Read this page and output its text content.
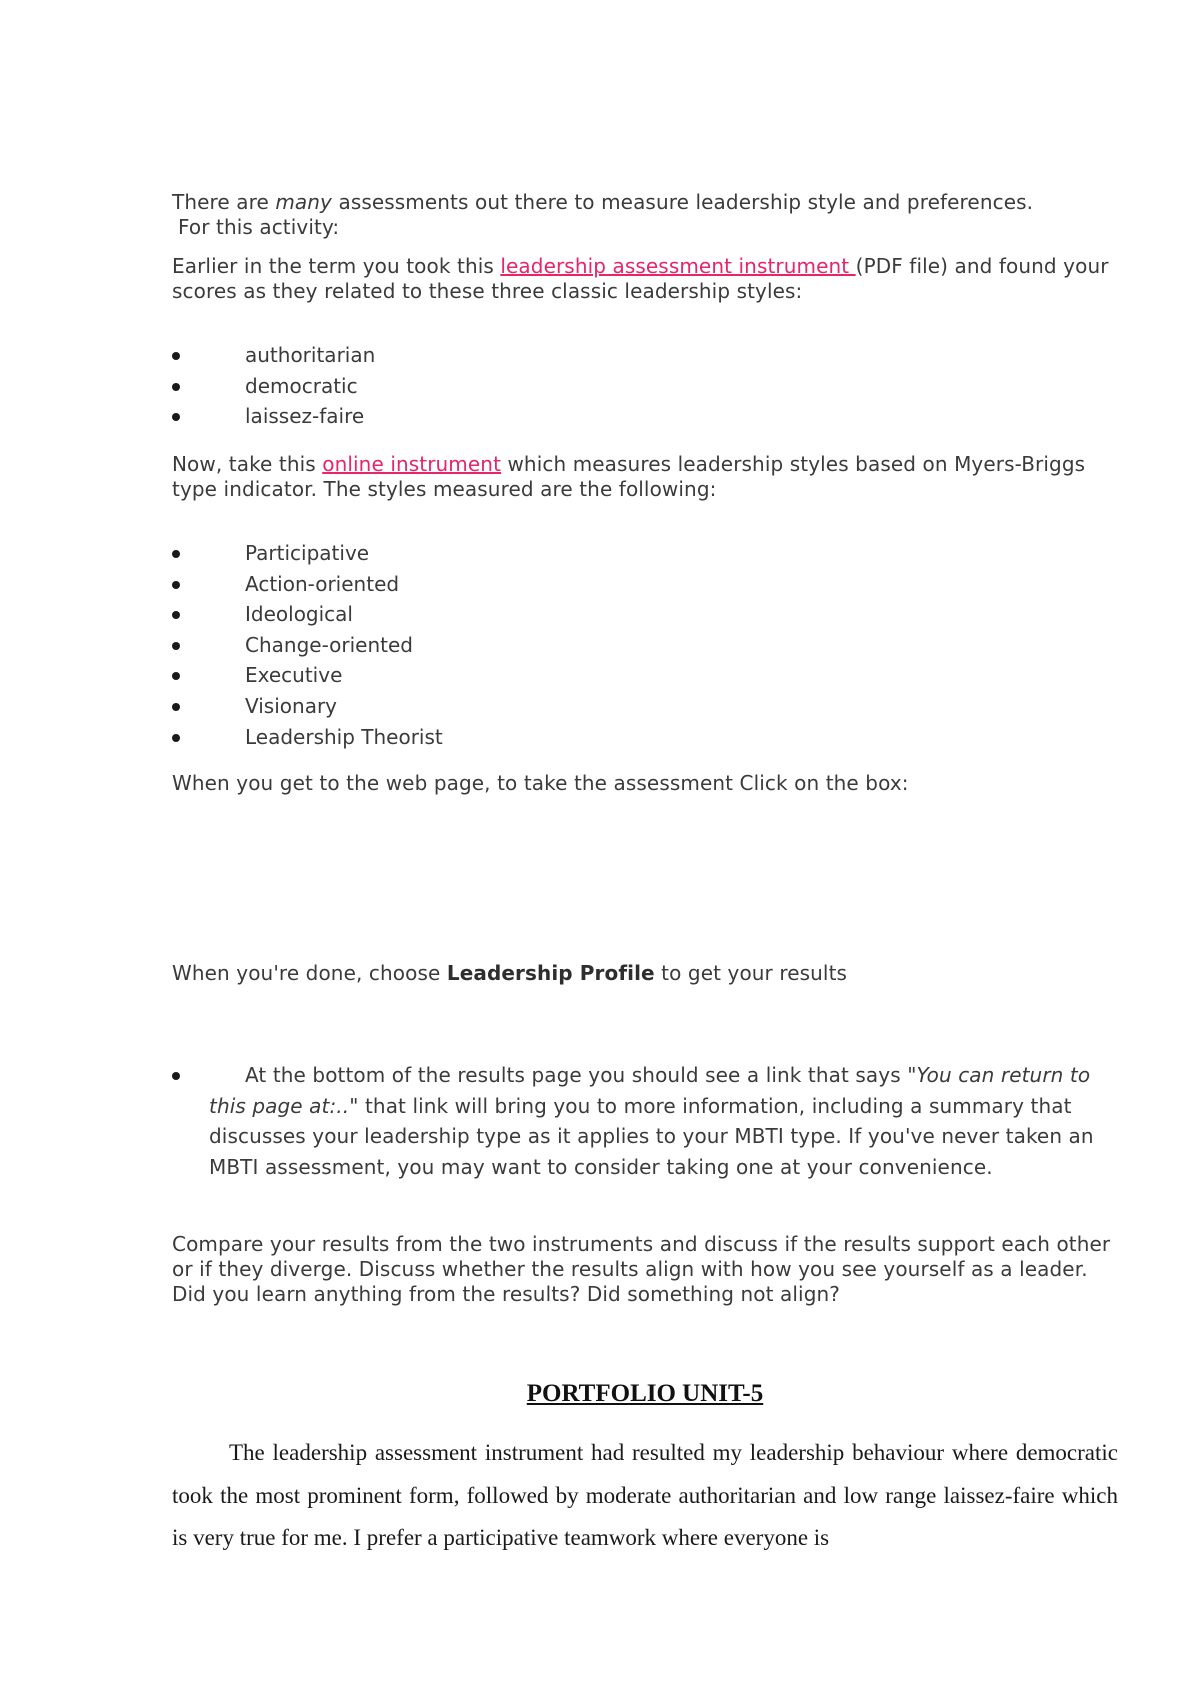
There are many assessments out there to measure leadership style and preferences.

For this activity:

Earlier in the term you took this leadership assessment instrument (PDF file) and found your scores as they related to these three classic leadership styles:

authoritarian
democratic
laissez-faire

Now, take this online instrument which measures leadership styles based on Myers-Briggs type indicator. The styles measured are the following:

Participative
Action-oriented
Ideological
Change-oriented
Executive
Visionary
Leadership Theorist

When you get to the web page, to take the assessment Click on the box:

When you're done, choose Leadership Profile to get your results

At the bottom of the results page you should see a link that says "You can return to this page at:.." that link will bring you to more information, including a summary that discusses your leadership type as it applies to your MBTI type. If you've never taken an MBTI assessment, you may want to consider taking one at your convenience.

Compare your results from the two instruments and discuss if the results support each other or if they diverge. Discuss whether the results align with how you see yourself as a leader. Did you learn anything from the results? Did something not align?

PORTFOLIO UNIT-5

The leadership assessment instrument had resulted my leadership behaviour where democratic took the most prominent form, followed by moderate authoritarian and low range laissez-faire which is very true for me. I prefer a participative teamwork where everyone is
